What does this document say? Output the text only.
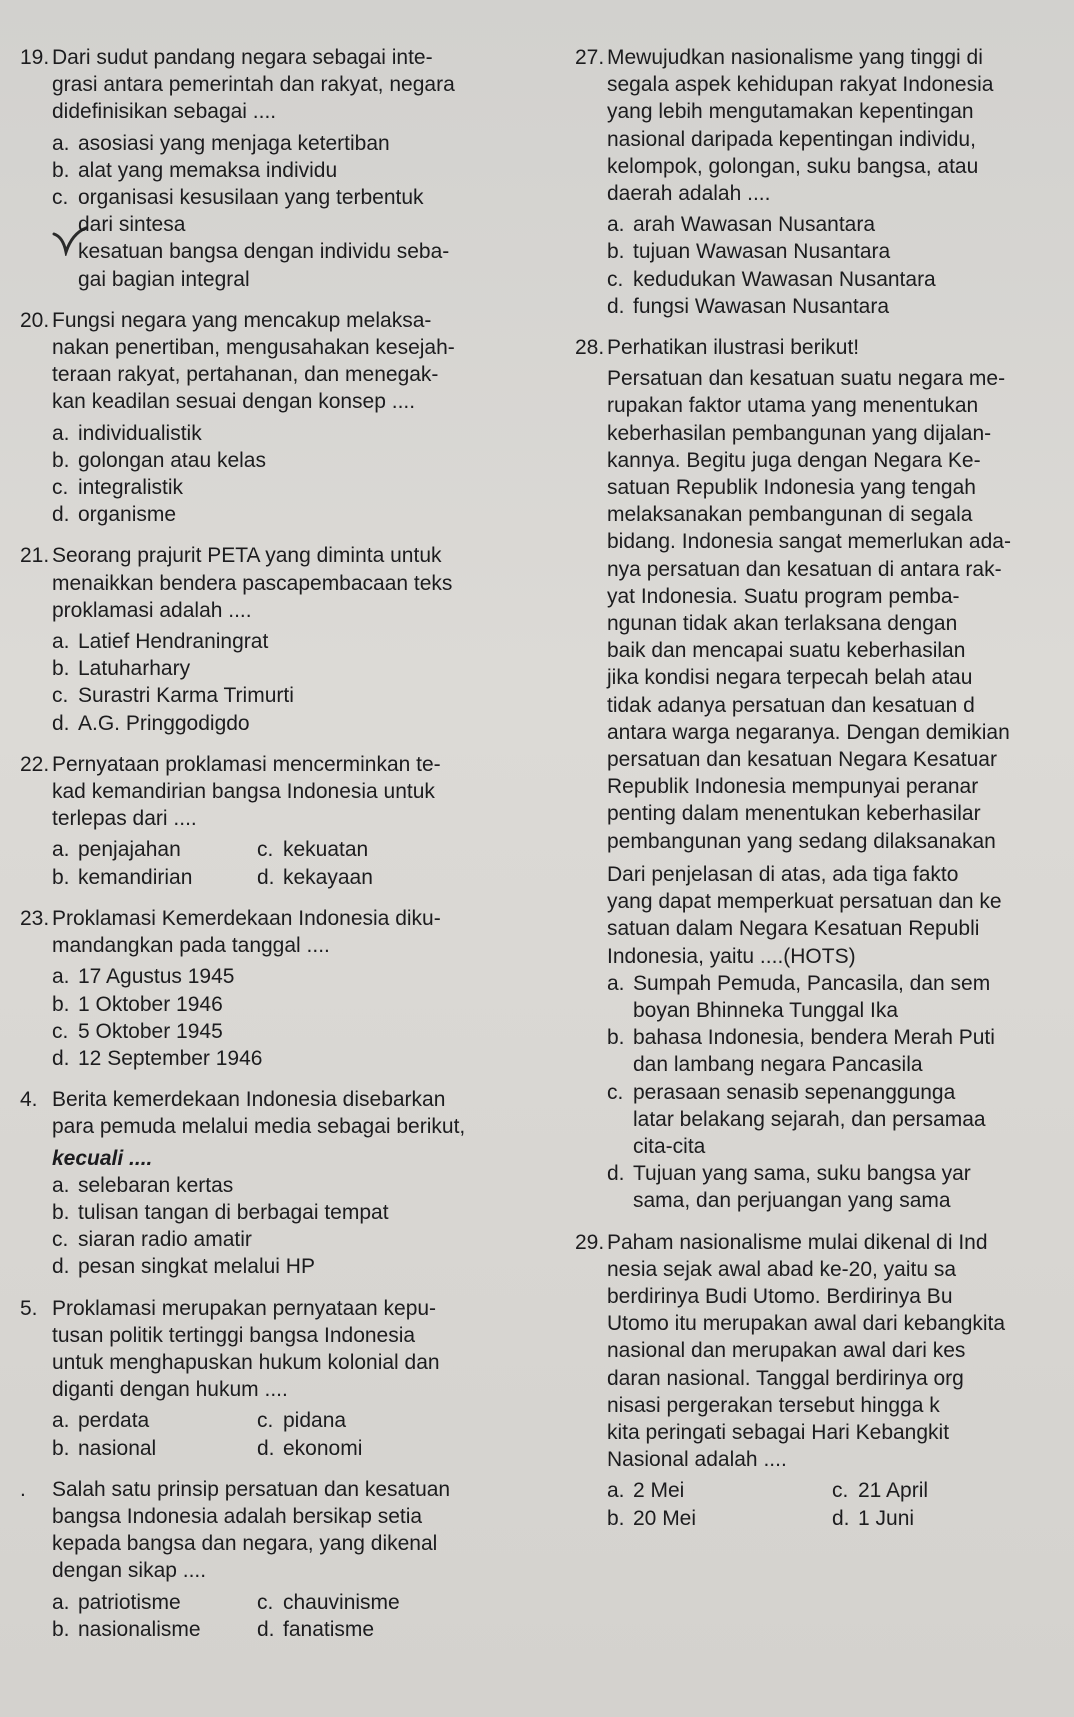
19. Dari sudut pandang negara sebagai inte-
grasi antara pemerintah dan rakyat, negara
didefinisikan sebagai ....
a. asosiasi yang menjaga ketertiban
b. alat yang memaksa individu
c. organisasi kesusilaan yang terbentuk
dari sintesa
kesatuan bangsa dengan individu seba-
gai bagian integral
20. Fungsi negara yang mencakup melaksa-
nakan penertiban, mengusahakan kesejah-
teraan rakyat, pertahanan, dan menegak-
kan keadilan sesuai dengan konsep ....
a. individualistik
b. golongan atau kelas
c. integralistik
d. organisme
21. Seorang prajurit PETA yang diminta untuk
menaikkan bendera pascapembacaan teks
proklamasi adalah ....
a. Latief Hendraningrat
b. Latuharhary
c. Surastri Karma Trimurti
d. A.G. Pringgodigdo
22. Pernyataan proklamasi mencerminkan te-
kad kemandirian bangsa Indonesia untuk
terlepas dari ....
a. penjajahan	c. kekuatan
b. kemandirian	d. kekayaan
23. Proklamasi Kemerdekaan Indonesia diku-
mandangkan pada tanggal ....
a. 17 Agustus 1945
b. 1 Oktober 1946
c. 5 Oktober 1945
d. 12 September 1946
4. Berita kemerdekaan Indonesia disebarkan
para pemuda melalui media sebagai berikut,
kecuali ....
a. selebaran kertas
b. tulisan tangan di berbagai tempat
c. siaran radio amatir
d. pesan singkat melalui HP
5. Proklamasi merupakan pernyataan kepu-
tusan politik tertinggi bangsa Indonesia
untuk menghapuskan hukum kolonial dan
diganti dengan hukum ....
a. perdata	c. pidana
b. nasional	d. ekonomi
.	Salah satu prinsip persatuan dan kesatuan
bangsa Indonesia adalah bersikap setia
kepada bangsa dan negara, yang dikenal
dengan sikap ....
a. patriotisme	c. chauvinisme
b. nasionalisme	d. fanatisme
27. Mewujudkan nasionalisme yang tinggi di
segala aspek kehidupan rakyat Indonesia
yang lebih mengutamakan kepentingan
nasional daripada kepentingan individu,
kelompok, golongan, suku bangsa, atau
daerah adalah ....
a. arah Wawasan Nusantara
b. tujuan Wawasan Nusantara
c. kedudukan Wawasan Nusantara
d. fungsi Wawasan Nusantara
28. Perhatikan ilustrasi berikut!
Persatuan dan kesatuan suatu negara me-
rupakan faktor utama yang menentukan
keberhasilan pembangunan yang dijalan-
kannya. Begitu juga dengan Negara Ke-
satuan Republik Indonesia yang tengah
melaksanakan pembangunan di segala
bidang. Indonesia sangat memerlukan ada-
nya persatuan dan kesatuan di antara rak-
yat Indonesia. Suatu program pemba-
ngunan tidak akan terlaksana dengan
baik dan mencapai suatu keberhasilan
jika kondisi negara terpecah belah atau
tidak adanya persatuan dan kesatuan d
antara warga negaranya. Dengan demikian
persatuan dan kesatuan Negara Kesatuar
Republik Indonesia mempunyai peranar
penting dalam menentukan keberhasilar
pembangunan yang sedang dilaksanakan
Dari penjelasan di atas, ada tiga fakto
yang dapat memperkuat persatuan dan ke
satuan dalam Negara Kesatuan Republi
Indonesia, yaitu ....(HOTS)
a. Sumpah Pemuda, Pancasila, dan sem
boyan Bhinneka Tunggal Ika
b. bahasa Indonesia, bendera Merah Puti
dan lambang negara Pancasila
c. perasaan senasib sepenanggunga
latar belakang sejarah, dan persamaa
cita-cita
d. Tujuan yang sama, suku bangsa yar
sama, dan perjuangan yang sama
29. Paham nasionalisme mulai dikenal di Ind
nesia sejak awal abad ke-20, yaitu sa
berdirinya Budi Utomo. Berdirinya Bu
Utomo itu merupakan awal dari kebangkita
nasional dan merupakan awal dari kes
daran nasional. Tanggal berdirinya org
nisasi pergerakan tersebut hingga k
kita peringati sebagai Hari Kebangkit
Nasional adalah ....
a. 2 Mei	c. 21 April
b. 20 Mei	d. 1 Juni
